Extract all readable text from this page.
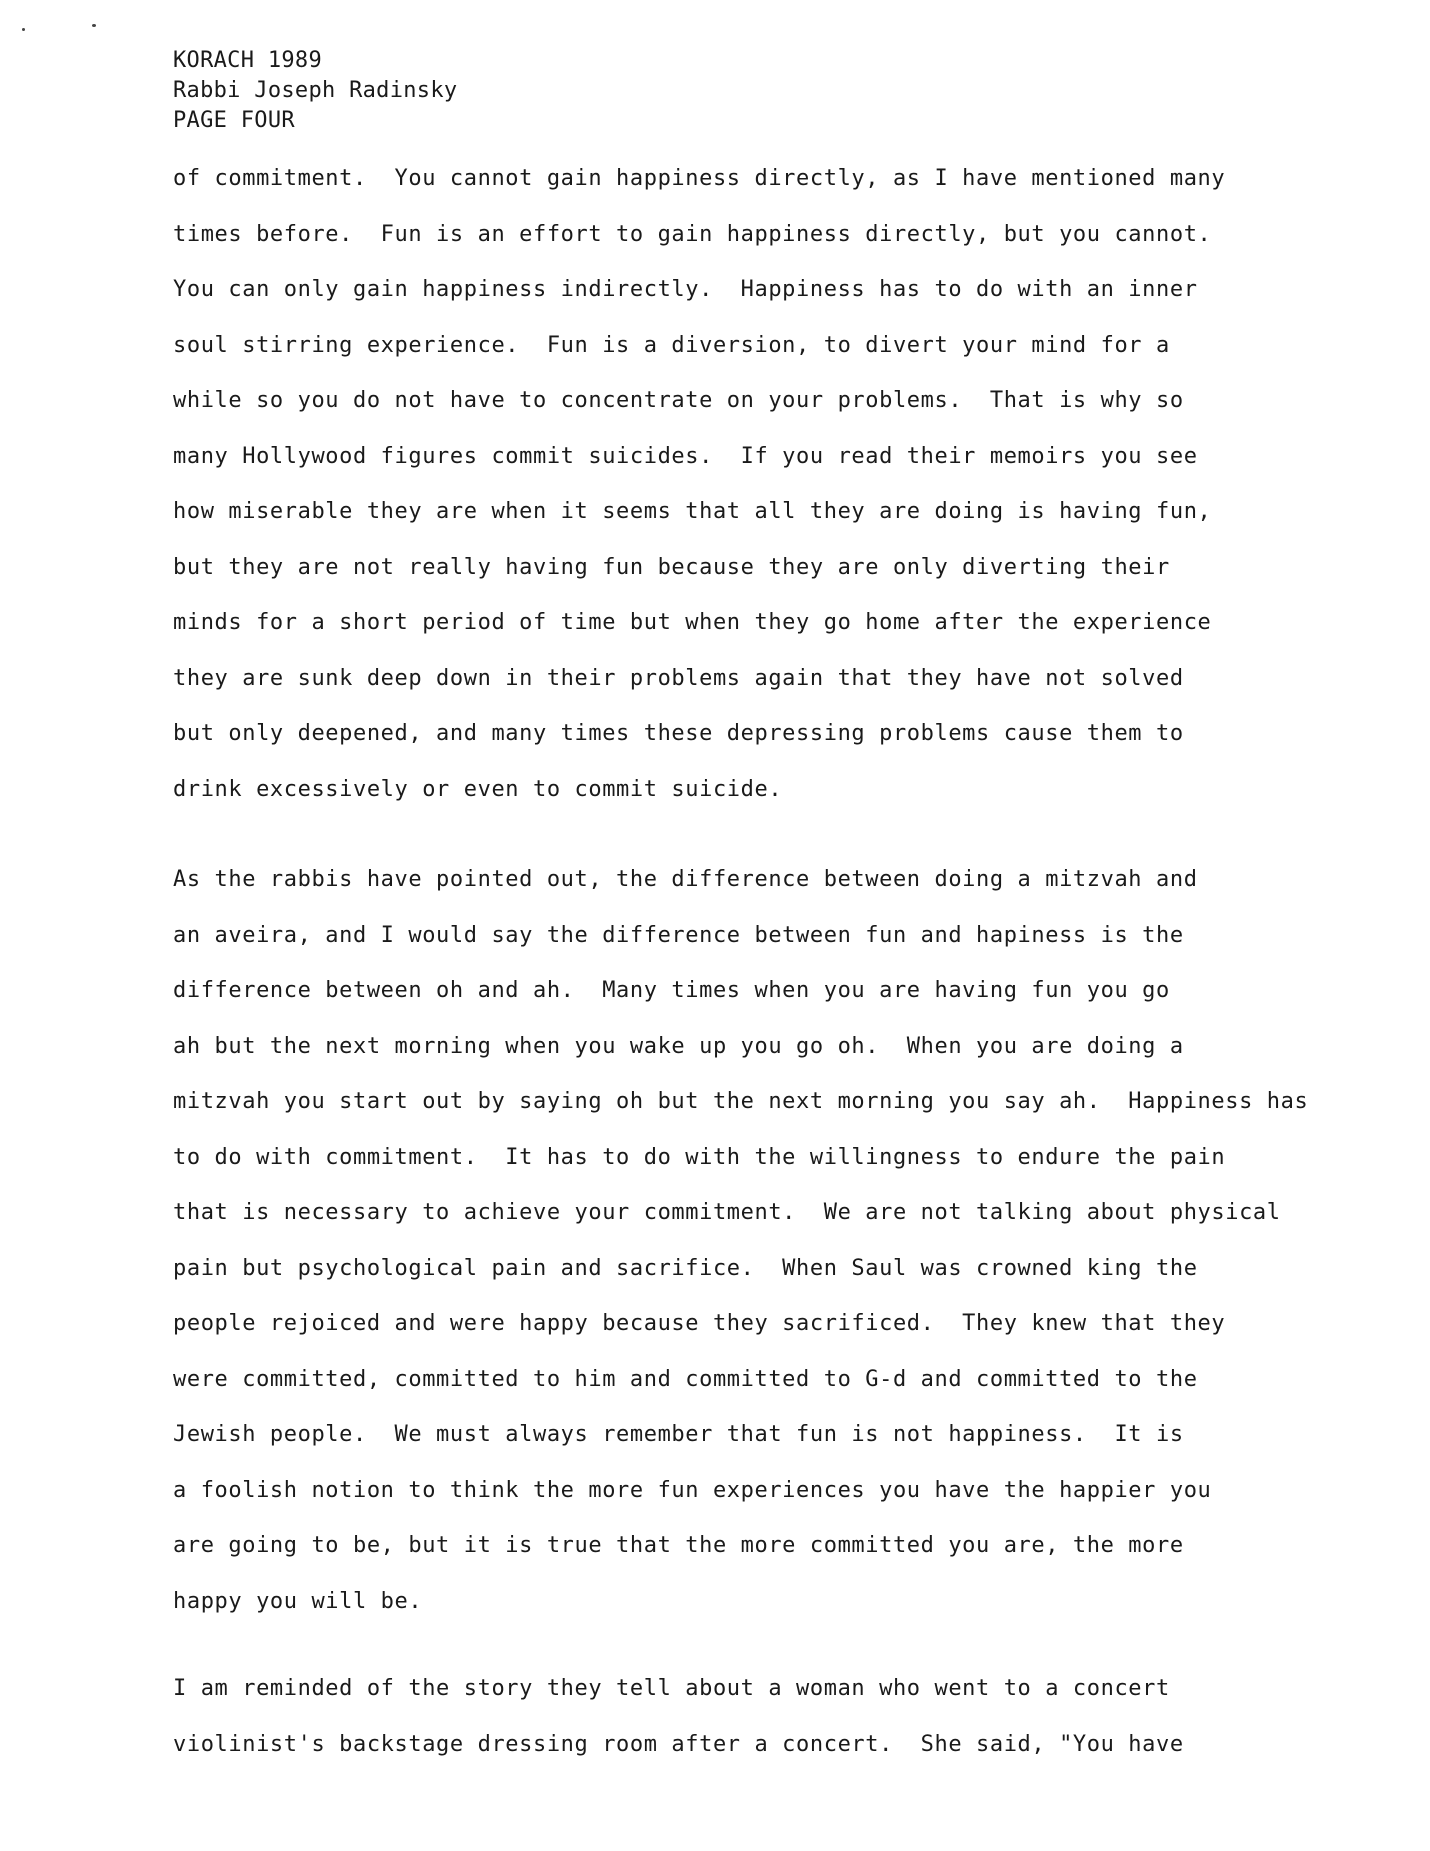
KORACH 1989
Rabbi Joseph Radinsky
PAGE FOUR
of commitment.  You cannot gain happiness directly, as I have mentioned many
times before.  Fun is an effort to gain happiness directly, but you cannot.
You can only gain happiness indirectly.  Happiness has to do with an inner
soul stirring experience.  Fun is a diversion, to divert your mind for a
while so you do not have to concentrate on your problems.  That is why so
many Hollywood figures commit suicides.  If you read their memoirs you see
how miserable they are when it seems that all they are doing is having fun,
but they are not really having fun because they are only diverting their
minds for a short period of time but when they go home after the experience
they are sunk deep down in their problems again that they have not solved
but only deepened, and many times these depressing problems cause them to
drink excessively or even to commit suicide.
As the rabbis have pointed out, the difference between doing a mitzvah and
an aveira, and I would say the difference between fun and hapiness is the
difference between oh and ah.  Many times when you are having fun you go
ah but the next morning when you wake up you go oh.  When you are doing a
mitzvah you start out by saying oh but the next morning you say ah.  Happiness has
to do with commitment.  It has to do with the willingness to endure the pain
that is necessary to achieve your commitment.  We are not talking about physical
pain but psychological pain and sacrifice.  When Saul was crowned king the
people rejoiced and were happy because they sacrificed.  They knew that they
were committed, committed to him and committed to G-d and committed to the
Jewish people.  We must always remember that fun is not happiness.  It is
a foolish notion to think the more fun experiences you have the happier you
are going to be, but it is true that the more committed you are, the more
happy you will be.
I am reminded of the story they tell about a woman who went to a concert
violinist's backstage dressing room after a concert.  She said, "You have
